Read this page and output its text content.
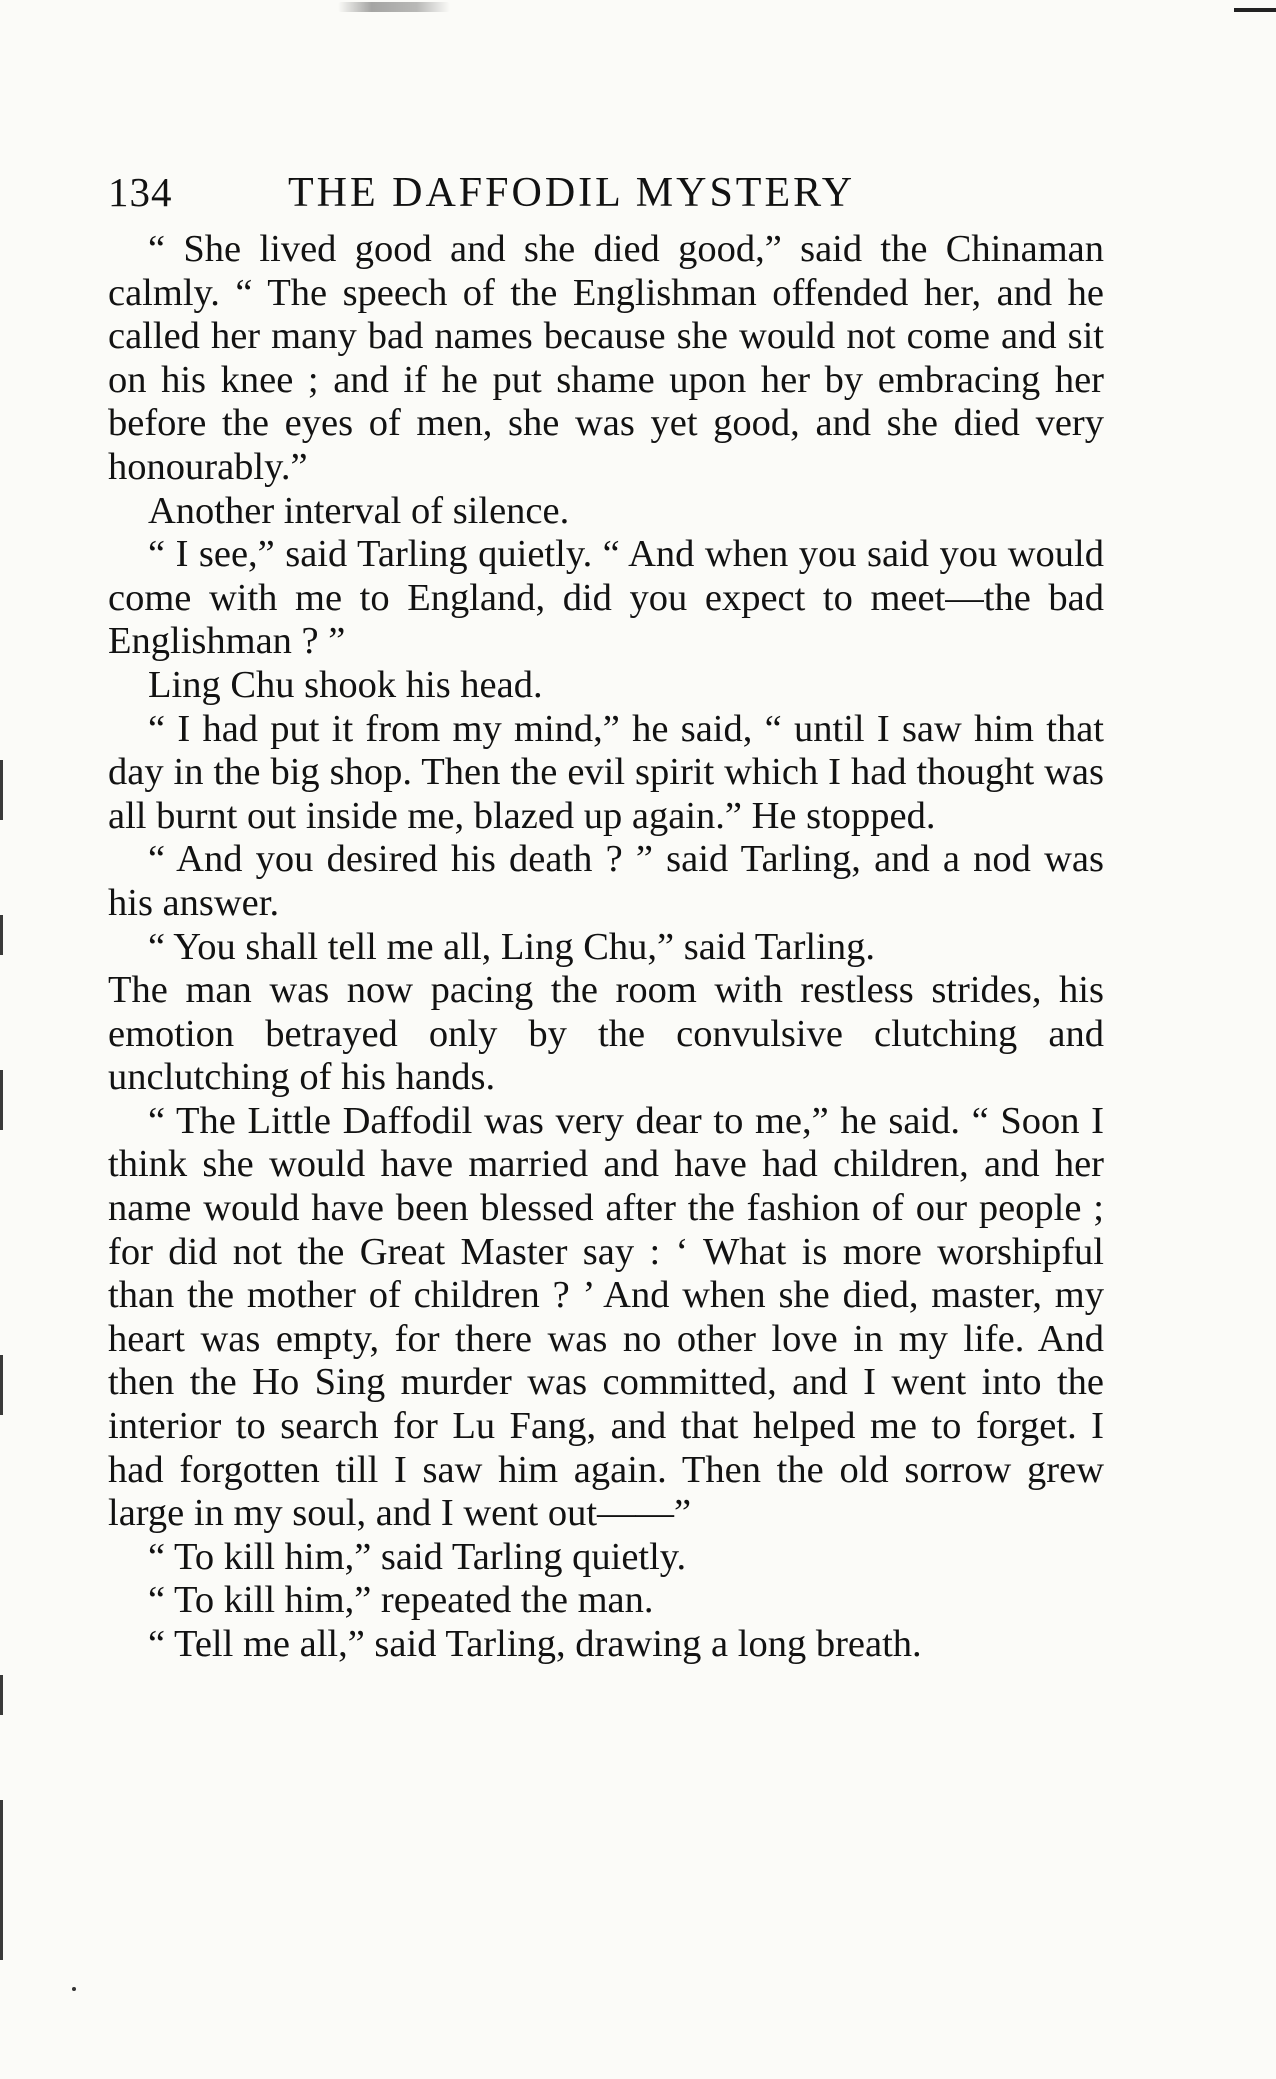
134	THE DAFFODIL MYSTERY

“ She lived good and she died good,” said the Chinaman calmly. “ The speech of the Englishman offended her, and he called her many bad names because she would not come and sit on his knee ; and if he put shame upon her by embracing her before the eyes of men, she was yet good, and she died very honourably.”

Another interval of silence.

“ I see,” said Tarling quietly. “ And when you said you would come with me to England, did you expect to meet—the bad Englishman ? ”

Ling Chu shook his head.

“ I had put it from my mind,” he said, “ until I saw him that day in the big shop. Then the evil spirit which I had thought was all burnt out inside me, blazed up again.” He stopped.

“ And you desired his death ? ” said Tarling, and a nod was his answer.

“ You shall tell me all, Ling Chu,” said Tarling.

The man was now pacing the room with restless strides, his emotion betrayed only by the convulsive clutching and unclutching of his hands.

“ The Little Daffodil was very dear to me,” he said. “ Soon I think she would have married and have had children, and her name would have been blessed after the fashion of our people ; for did not the Great Master say : ‘ What is more worshipful than the mother of children ? ’ And when she died, master, my heart was empty, for there was no other love in my life. And then the Ho Sing murder was committed, and I went into the interior to search for Lu Fang, and that helped me to forget. I had forgotten till I saw him again. Then the old sorrow grew large in my soul, and I went out——”

“ To kill him,” said Tarling quietly.

“ To kill him,” repeated the man.

“ Tell me all,” said Tarling, drawing a long breath.
